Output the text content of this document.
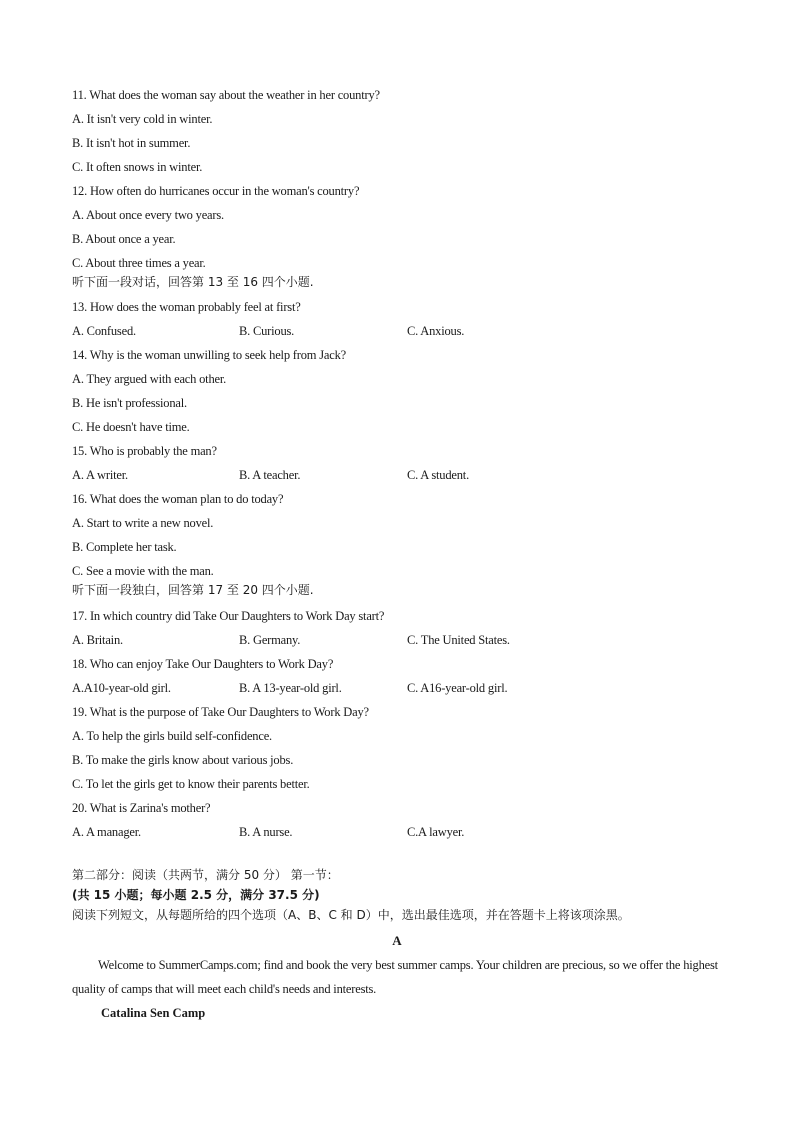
11. What does the woman say about the weather in her country?
A. It isn't very cold in winter.
B. It isn't hot in summer.
C. It often snows in winter.
12. How often do hurricanes occur in the woman's country?
A. About once every two years.
B. About once a year.
C. About three times a year.
听下面一段对话，回答第 13 至 16 四个小题.
13. How does the woman probably feel at first?
A. Confused.	B. Curious.	C. Anxious.
14. Why is the woman unwilling to seek help from Jack?
A. They argued with each other.
B. He isn't professional.
C. He doesn't have time.
15. Who is probably the man?
A. A writer.	B. A teacher.	C. A student.
16. What does the woman plan to do today?
A. Start to write a new novel.
B. Complete her task.
C. See a movie with the man.
听下面一段独白，回答第 17 至 20 四个小题.
17. In which country did Take Our Daughters to Work Day start?
A. Britain.	B. Germany.	C. The United States.
18. Who can enjoy Take Our Daughters to Work Day?
A.A10-year-old girl.	B. A 13-year-old girl.	C. A16-year-old girl.
19. What is the purpose of Take Our Daughters to Work Day?
A. To help the girls build self-confidence.
B. To make the girls know about various jobs.
C. To let the girls get to know their parents better.
20. What is Zarina's mother?
A. A manager.	B. A nurse.	C.A lawyer.
第二部分：阅读（共两节，满分 50 分） 第一节：
(共 15 小题；每小题 2.5 分，满分 37.5 分)
阅读下列短文，从每题所给的四个选项（A、B、C 和 D）中，选出最佳选项，并在答题卡上将该项涂黑。
A
Welcome to SummerCamps.com; find and book the very best summer camps. Your children are precious, so we offer the highest quality of camps that will meet each child's needs and interests.
Catalina Sen Camp
